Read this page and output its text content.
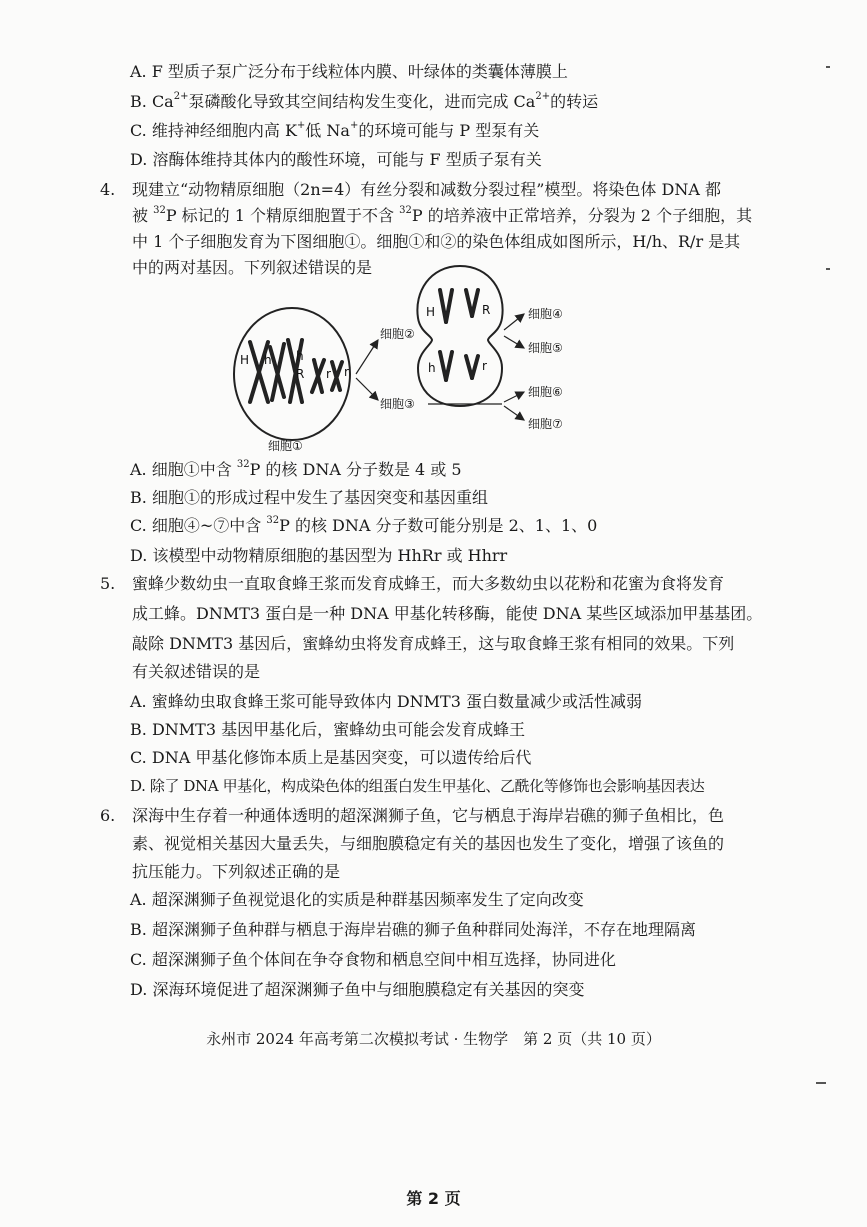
A. F 型质子泵广泛分布于线粒体内膜、叶绿体的类囊体薄膜上
B. $Ca^{2+}$泵磷酸化导致其空间结构发生变化，进而完成 $Ca^{2+}$的转运
C. 维持神经细胞内高 K+低 Na+的环境可能与 P 型泵有关
D. 溶酶体维持其体内的酸性环境，可能与 F 型质子泵有关
4. 现建立“动物精原细胞（2n=4）有丝分裂和减数分裂过程”模型。将染色体 DNA 都
被 $^{32}$P 标记的 1 个精原细胞置于不含 $^{32}$P 的培养液中正常培养，分裂为 2 个子细胞，其
中 1 个子细胞发育为下图细胞①。细胞①和②的染色体组成如图所示，H/h、R/r 是其
中的两对基因。下列叙述错误的是
H h h
R r r
细胞①
细胞②
细胞③
H	R
h	r
细胞④
细胞⑤
细胞⑥
细胞⑦
A. 细胞①中含 $^{32}$P 的核 DNA 分子数是 4 或 5
B. 细胞①的形成过程中发生了基因突变和基因重组
C. 细胞④~⑦中含 $^{32}$P 的核 DNA 分子数可能分别是 2、1、1、0
D. 该模型中动物精原细胞的基因型为 HhRr 或 Hhrr
5. 蜜蜂少数幼虫一直取食蜂王浆而发育成蜂王，而大多数幼虫以花粉和花蜜为食将发育
成工蜂。DNMT3 蛋白是一种 DNA 甲基化转移酶，能使 DNA 某些区域添加甲基基团。
敲除 DNMT3 基因后，蜜蜂幼虫将发育成蜂王，这与取食蜂王浆有相同的效果。下列
有关叙述错误的是
A. 蜜蜂幼虫取食蜂王浆可能导致体内 DNMT3 蛋白数量减少或活性减弱
B. DNMT3 基因甲基化后，蜜蜂幼虫可能会发育成蜂王
C. DNA 甲基化修饰本质上是基因突变，可以遗传给后代
D. 除了 DNA 甲基化，构成染色体的组蛋白发生甲基化、乙酰化等修饰也会影响基因表达
6. 深海中生存着一种通体透明的超深渊狮子鱼，它与栖息于海岸岩礁的狮子鱼相比，色
素、视觉相关基因大量丢失，与细胞膜稳定有关的基因也发生了变化，增强了该鱼的
抗压能力。下列叙述正确的是
A. 超深渊狮子鱼视觉退化的实质是种群基因频率发生了定向改变
B. 超深渊狮子鱼种群与栖息于海岸岩礁的狮子鱼种群同处海洋，不存在地理隔离
C. 超深渊狮子鱼个体间在争夺食物和栖息空间中相互选择，协同进化
D. 深海环境促进了超深渊狮子鱼中与细胞膜稳定有关基因的突变
永州市 2024 年高考第二次模拟考试 · 生物学　第 2 页（共 10 页）
第 2 页
